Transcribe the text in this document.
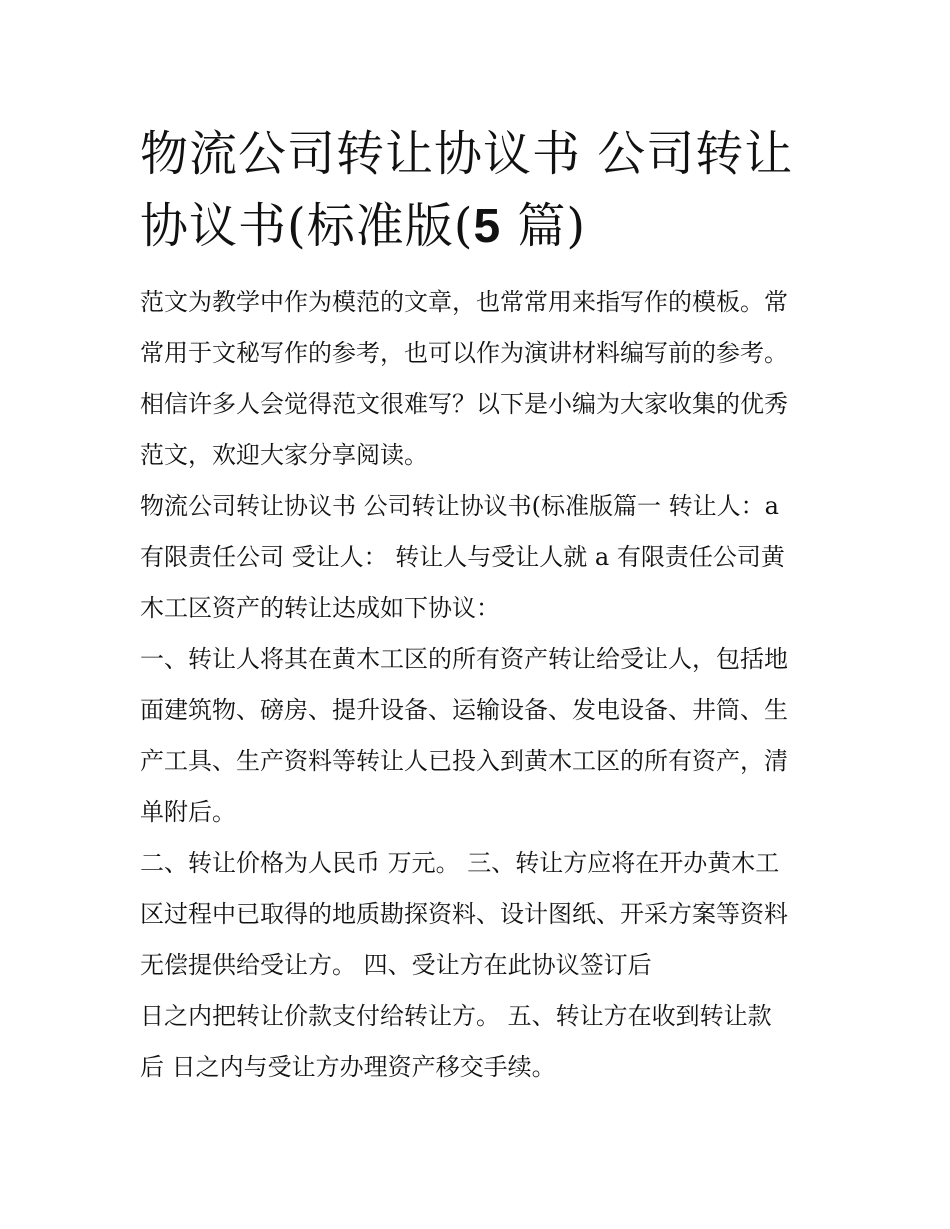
物流公司转让协议书 公司转让
协议书(标准版(5 篇)

范文为教学中作为模范的文章，也常常用来指写作的模板。常

常用于文秘写作的参考，也可以作为演讲材料编写前的参考。

相信许多人会觉得范文很难写？以下是小编为大家收集的优秀

范文，欢迎大家分享阅读。

物流公司转让协议书 公司转让协议书(标准版篇一 转让人：a

有限责任公司 受让人： 转让人与受让人就 a 有限责任公司黄

木工区资产的转让达成如下协议：

一、转让人将其在黄木工区的所有资产转让给受让人，包括地

面建筑物、磅房、提升设备、运输设备、发电设备、井筒、生

产工具、生产资料等转让人已投入到黄木工区的所有资产，清

单附后。

二、转让价格为人民币 万元。 三、转让方应将在开办黄木工

区过程中已取得的地质勘探资料、设计图纸、开采方案等资料

无偿提供给受让方。 四、受让方在此协议签订后

日之内把转让价款支付给转让方。 五、转让方在收到转让款

后 日之内与受让方办理资产移交手续。
